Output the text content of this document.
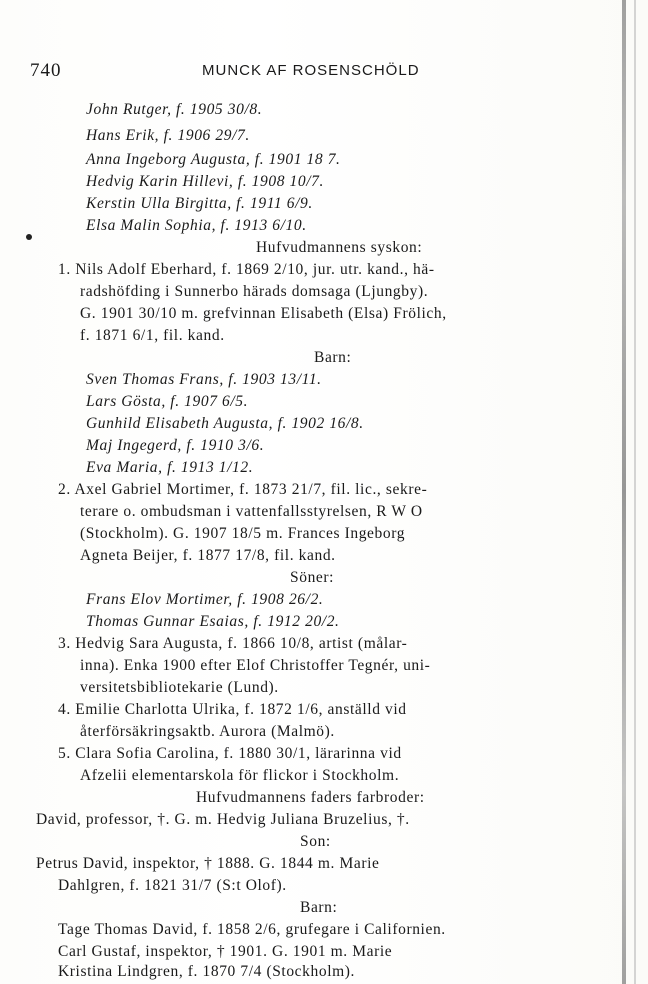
740	MUNCK AF ROSENSCHÖLD
John Rutger, f. 1905 30/8.
Hans Erik, f. 1906 29/7.
Anna Ingeborg Augusta, f. 1901 18 7.
Hedvig Karin Hillevi, f. 1908 10/7.
Kerstin Ulla Birgitta, f. 1911 6/9.
Elsa Malin Sophia, f. 1913 6/10.
Hufvudmannens syskon:
1. Nils Adolf Eberhard, f. 1869 2/10, jur. utr. kand., hä-
radshöfding i Sunnerbo härads domsaga (Ljungby).
G. 1901 30/10 m. grefvinnan Elisabeth (Elsa) Frölich,
f. 1871 6/1, fil. kand.
Barn:
Sven Thomas Frans, f. 1903 13/11.
Lars Gösta, f. 1907 6/5.
Gunhild Elisabeth Augusta, f. 1902 16/8.
Maj Ingegerd, f. 1910 3/6.
Eva Maria, f. 1913 1/12.
2. Axel Gabriel Mortimer, f. 1873 21/7, fil. lic., sekre-
terare o. ombudsman i vattenfallsstyrelsen, R W O
(Stockholm). G. 1907 18/5 m. Frances Ingeborg
Agneta Beijer, f. 1877 17/8, fil. kand.
Söner:
Frans Elov Mortimer, f. 1908 26/2.
Thomas Gunnar Esaias, f. 1912 20/2.
3. Hedvig Sara Augusta, f. 1866 10/8, artist (målar-
inna). Enka 1900 efter Elof Christoffer Tegnér, uni-
versitetsbibliotekarie (Lund).
4. Emilie Charlotta Ulrika, f. 1872 1/6, anställd vid
återförsäkringsaktb. Aurora (Malmö).
5. Clara Sofia Carolina, f. 1880 30/1, lärarinna vid
Afzelii elementarskola för flickor i Stockholm.
Hufvudmannens faders farbroder:
David, professor, †. G. m. Hedvig Juliana Bruzelius, †.
Son:
Petrus David, inspektor, † 1888. G. 1844 m. Marie
Dahlgren, f. 1821 31/7 (S:t Olof).
Barn:
Tage Thomas David, f. 1858 2/6, grufegare i Californien.
Carl Gustaf, inspektor, † 1901. G. 1901 m. Marie
Kristina Lindgren, f. 1870 7/4 (Stockholm).
